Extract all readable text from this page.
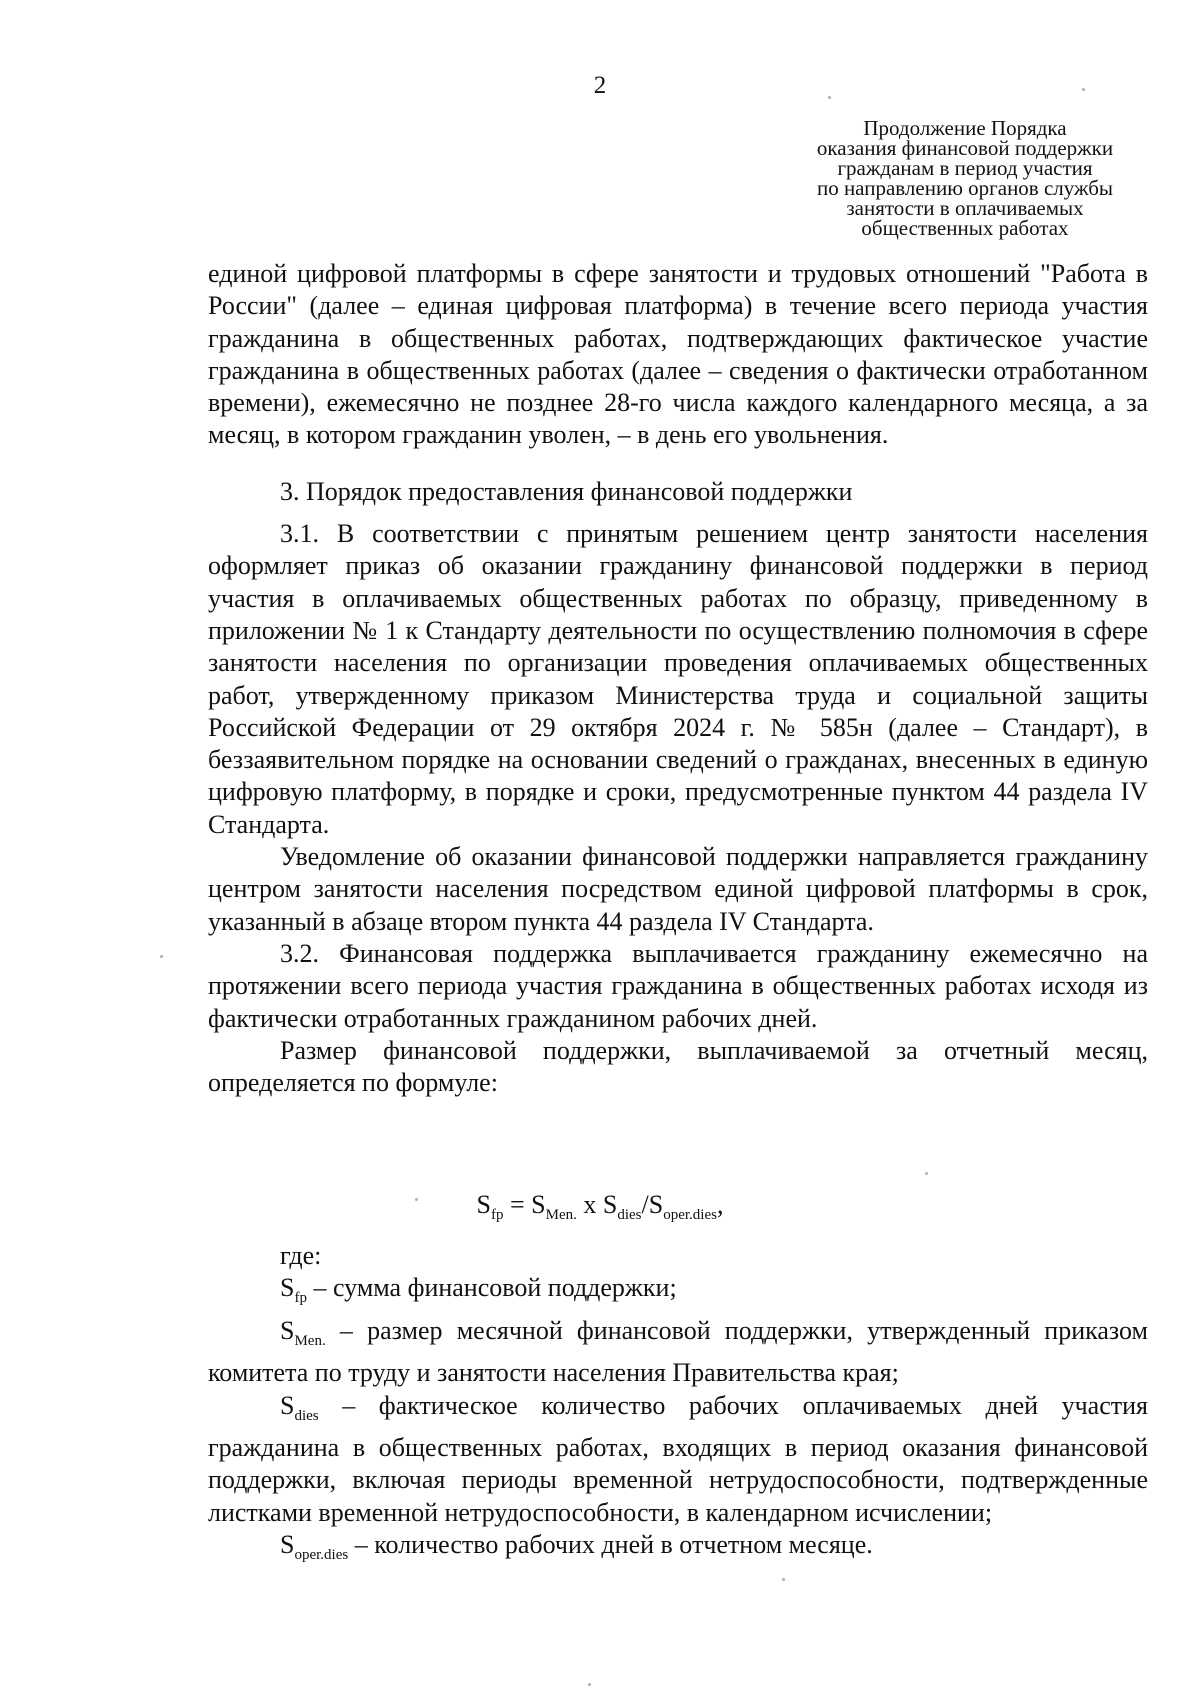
2
Продолжение Порядка
оказания финансовой поддержки
гражданам в период участия
по направлению органов службы
занятости в оплачиваемых
общественных работах

единой цифровой платформы в сфере занятости и трудовых отношений "Работа в России" (далее – единая цифровая платформа) в течение всего периода участия гражданина в общественных работах, подтверждающих фактическое участие гражданина в общественных работах (далее – сведения о фактически отработанном времени), ежемесячно не позднее 28-го числа каждого календарного месяца, а за месяц, в котором гражданин уволен, – в день его увольнения.

3. Порядок предоставления финансовой поддержки

3.1. В соответствии с принятым решением центр занятости населения оформляет приказ об оказании гражданину финансовой поддержки в период участия в оплачиваемых общественных работах по образцу, приведенному в приложении № 1 к Стандарту деятельности по осуществлению полномочия в сфере занятости населения по организации проведения оплачиваемых общественных работ, утвержденному приказом Министерства труда и социальной защиты Российской Федерации от 29 октября 2024 г. № 585н (далее – Стандарт), в беззаявительном порядке на основании сведений о гражданах, внесенных в единую цифровую платформу, в порядке и сроки, предусмотренные пунктом 44 раздела IV Стандарта.

Уведомление об оказании финансовой поддержки направляется гражданину центром занятости населения посредством единой цифровой платформы в срок, указанный в абзаце втором пункта 44 раздела IV Стандарта.

3.2. Финансовая поддержка выплачивается гражданину ежемесячно на протяжении всего периода участия гражданина в общественных работах исходя из фактически отработанных гражданином рабочих дней.

Размер финансовой поддержки, выплачиваемой за отчетный месяц, определяется по формуле:

$S_{fp} = S_{Men.}$ x $S_{dies}/S_{oper.dies}$,

где:

$S_{fp}$ – сумма финансовой поддержки;

$S_{Men.}$ – размер месячной финансовой поддержки, утвержденный приказом комитета по труду и занятости населения Правительства края;

$S_{dies}$ – фактическое количество рабочих оплачиваемых дней участия гражданина в общественных работах, входящих в период оказания финансовой поддержки, включая периоды временной нетрудоспособности, подтвержденные листками временной нетрудоспособности, в календарном исчислении;

$S_{oper.dies}$ – количество рабочих дней в отчетном месяце.
